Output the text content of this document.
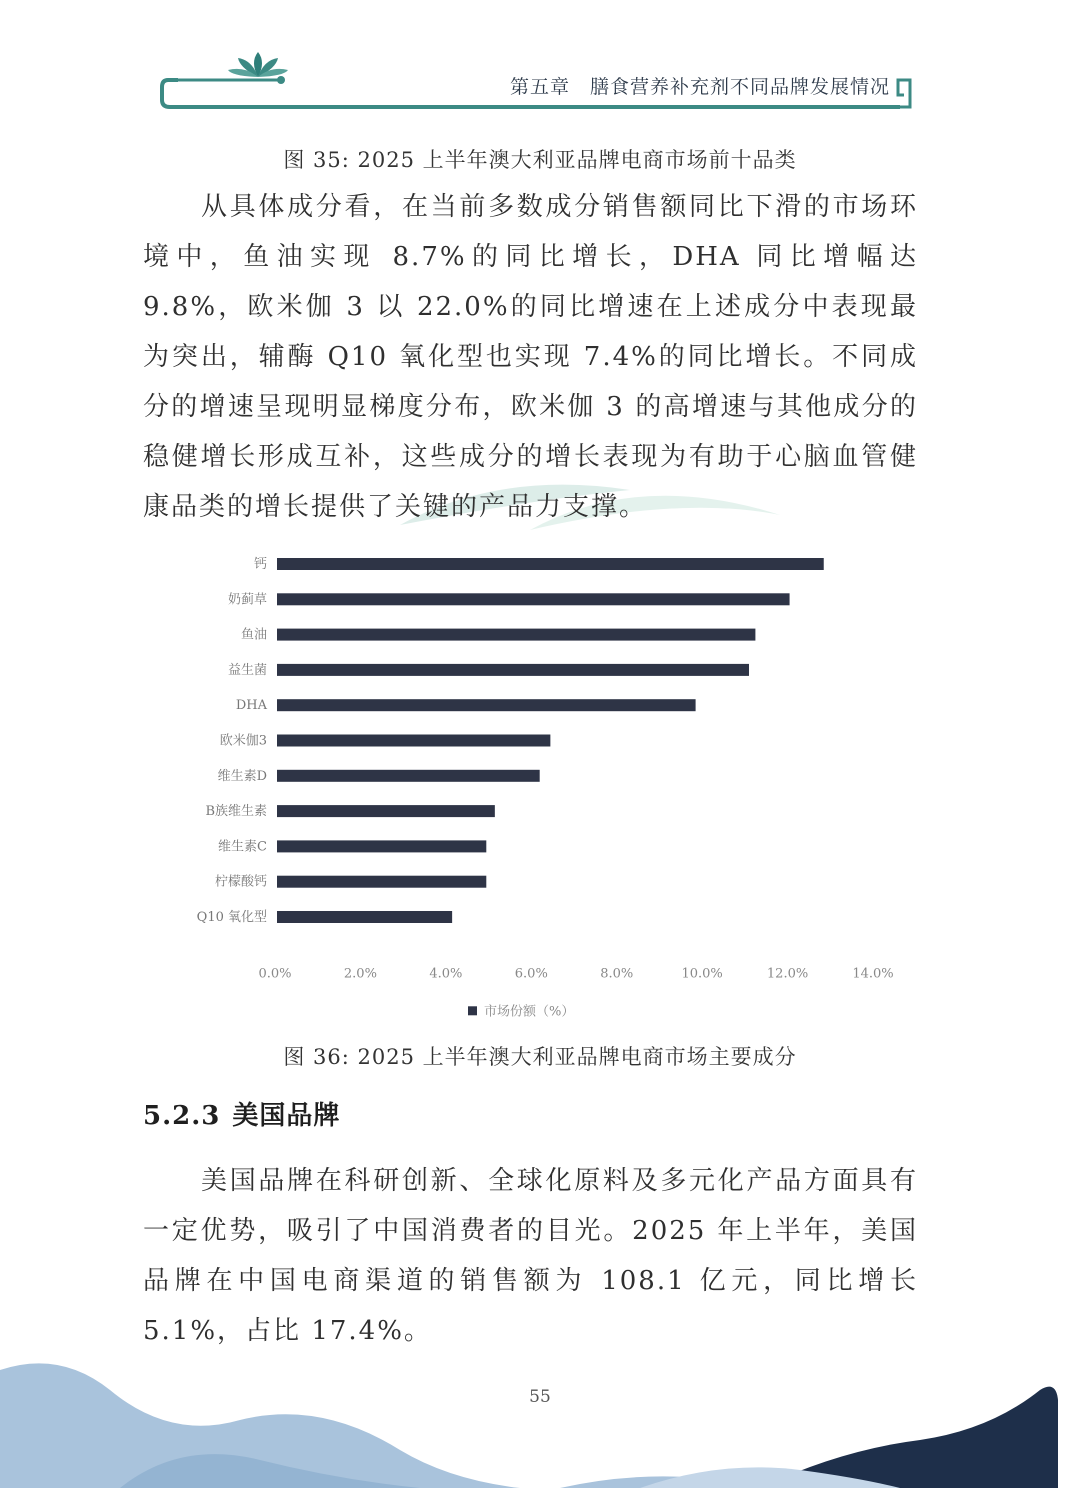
第五章　膳食营养补充剂不同品牌发展情况
图 35: 2025 上半年澳大利亚品牌电商市场前十品类

从具体成分看，在当前多数成分销售额同比下滑的市场环境中，鱼油实现 8.7%的同比增长，DHA 同比增幅达 9.8%，欧米伽 3 以 22.0%的同比增速在上述成分中表现最为突出，辅酶 Q10 氧化型也实现 7.4%的同比增长。不同成分的增速呈现明显梯度分布，欧米伽 3 的高增速与其他成分的稳健增长形成互补，这些成分的增长表现为有助于心脑血管健康品类的增长提供了关键的产品力支撑。

钙
奶蓟草
鱼油
益生菌
DHA
欧米伽3
维生素D
B族维生素
维生素C
柠檬酸钙
Q10 氧化型
0.0%	2.0%	4.0%	6.0%	8.0%	10.0%	12.0%	14.0%
市场份额（%）
图 36: 2025 上半年澳大利亚品牌电商市场主要成分
5.2.3 美国品牌

美国品牌在科研创新、全球化原料及多元化产品方面具有一定优势，吸引了中国消费者的目光。2025 年上半年，美国品牌在中国电商渠道的销售额为 108.1 亿元，同比增长 5.1%，占比 17.4%。

55
